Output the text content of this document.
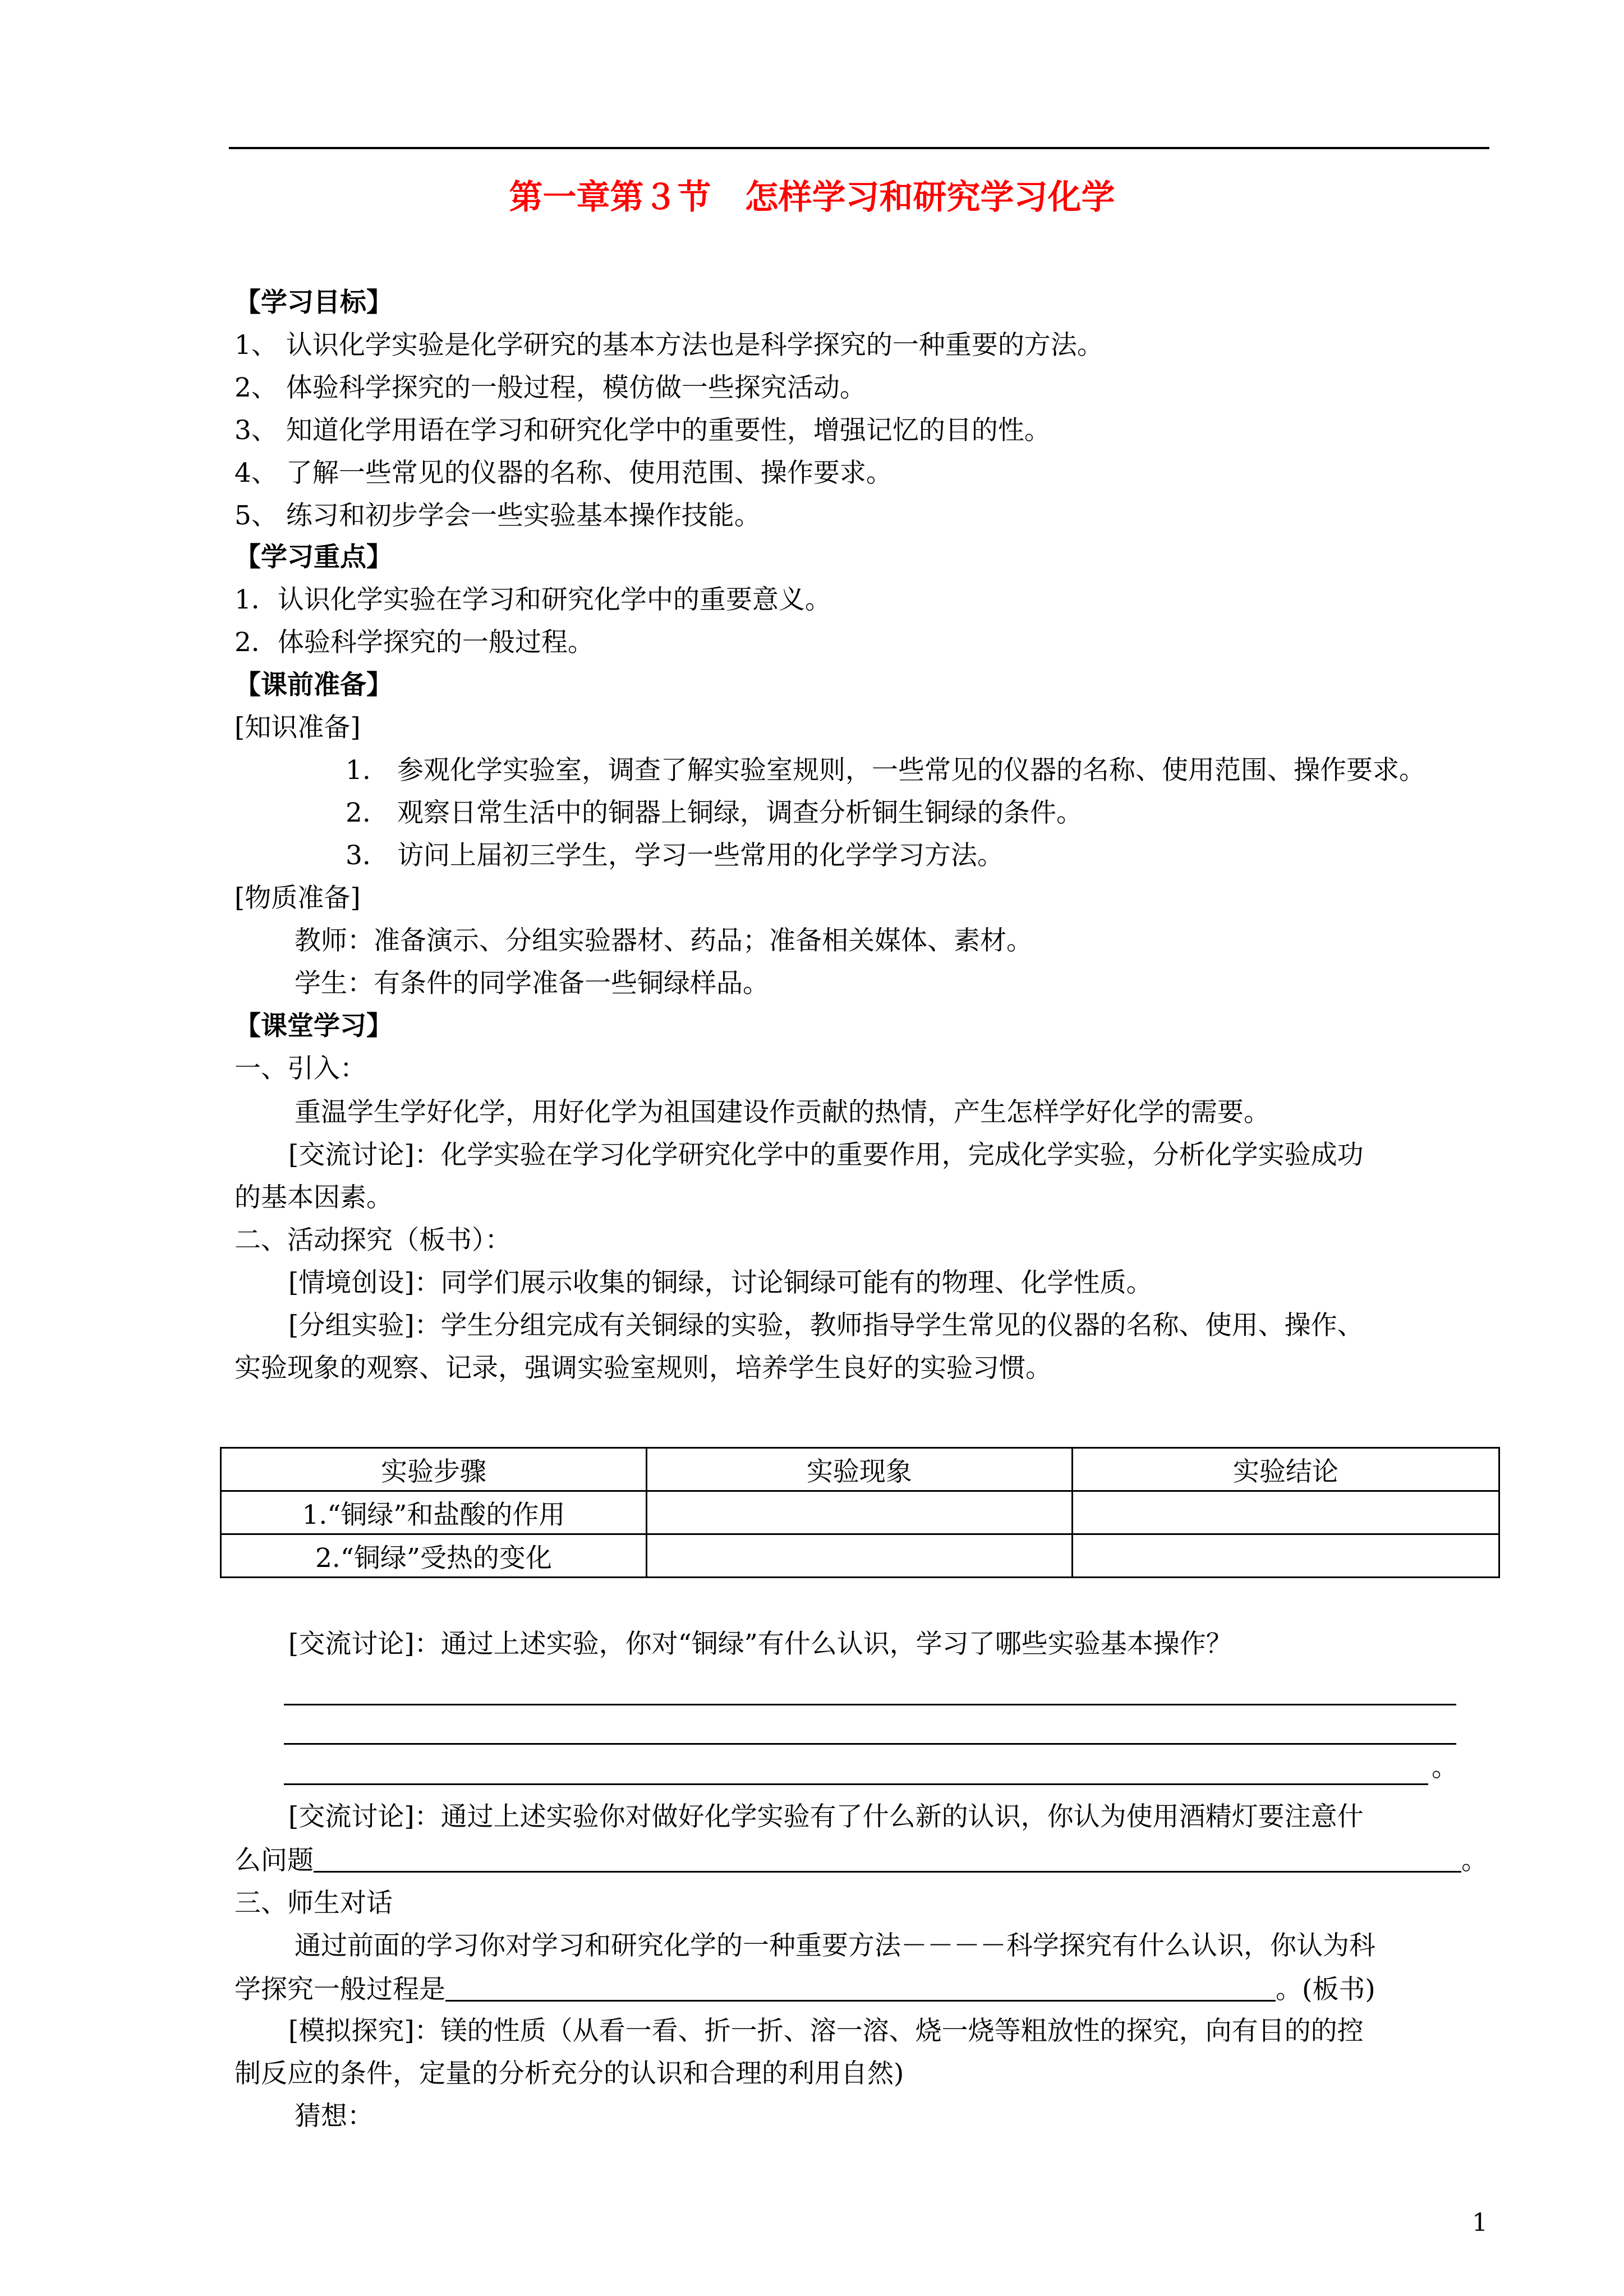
第一章第３节　怎样学习和研究学习化学
【学习目标】
1、 认识化学实验是化学研究的基本方法也是科学探究的一种重要的方法。
2、 体验科学探究的一般过程，模仿做一些探究活动。
3、 知道化学用语在学习和研究化学中的重要性，增强记忆的目的性。
4、 了解一些常见的仪器的名称、使用范围、操作要求。
5、 练习和初步学会一些实验基本操作技能。
【学习重点】
1．认识化学实验在学习和研究化学中的重要意义。
2．体验科学探究的一般过程。
【课前准备】
[知识准备]
1. 参观化学实验室，调查了解实验室规则，一些常见的仪器的名称、使用范围、操作要求。
2. 观察日常生活中的铜器上铜绿，调查分析铜生铜绿的条件。
3. 访问上届初三学生，学习一些常用的化学学习方法。
[物质准备]
教师：准备演示、分组实验器材、药品；准备相关媒体、素材。
学生：有条件的同学准备一些铜绿样品。
【课堂学习】
一、引入：
重温学生学好化学，用好化学为祖国建设作贡献的热情，产生怎样学好化学的需要。
[交流讨论]：化学实验在学习化学研究化学中的重要作用，完成化学实验，分析化学实验成功
的基本因素。
二、活动探究（板书）：
[情境创设]：同学们展示收集的铜绿，讨论铜绿可能有的物理、化学性质。
[分组实验]：学生分组完成有关铜绿的实验，教师指导学生常见的仪器的名称、使用、操作、
实验现象的观察、记录，强调实验室规则，培养学生良好的实验习惯。
实验步骤	实验现象	实验结论
1.“铜绿”和盐酸的作用		
2.“铜绿”受热的变化		
[交流讨论]：通过上述实验，你对“铜绿”有什么认识，学习了哪些实验基本操作？
。
[交流讨论]：通过上述实验你对做好化学实验有了什么新的认识，你认为使用酒精灯要注意什
么问题	。
三、师生对话
通过前面的学习你对学习和研究化学的一种重要方法－－－－科学探究有什么认识，你认为科
学探究一般过程是	。(板书)
[模拟探究]：镁的性质（从看一看、折一折、溶一溶、烧一烧等粗放性的探究，向有目的的控
制反应的条件，定量的分析充分的认识和合理的利用自然)
猜想：
1
